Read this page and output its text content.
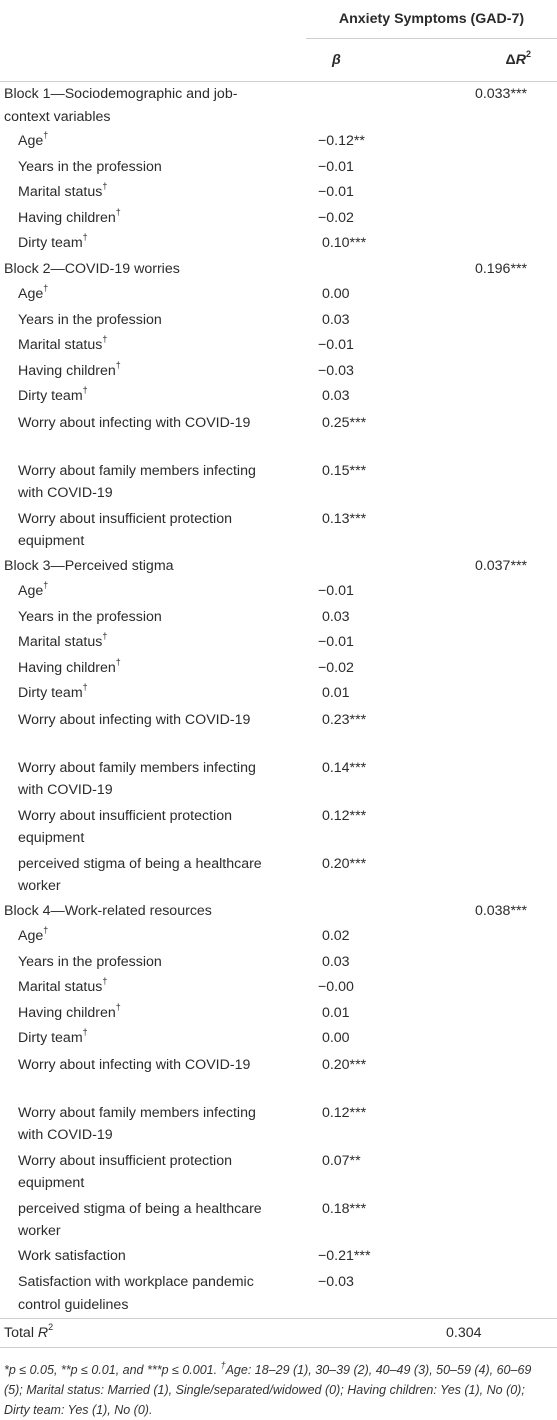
	Anxiety Symptoms (GAD-7)	
	β	$\Delta R^2$
Block 1—Sociodemographic and job-context variables		0.033***
Age†	−0.12**	
Years in the profession	−0.01	
Marital status†	−0.01	
Having children†	−0.02	
Dirty team†	0.10***	
Block 2—COVID-19 worries		0.196***
Age†	0.00	
Years in the profession	0.03	
Marital status†	−0.01	
Having children†	−0.03	
Dirty team†	0.03	
Worry about infecting with COVID-19	0.25***	
Worry about family members infecting with COVID-19	0.15***	
Worry about insufficient protection equipment	0.13***	
Block 3—Perceived stigma		0.037***
Age†	−0.01	
Years in the profession	0.03	
Marital status†	−0.01	
Having children†	−0.02	
Dirty team†	0.01	
Worry about infecting with COVID-19	0.23***	
Worry about family members infecting with COVID-19	0.14***	
Worry about insufficient protection equipment	0.12***	
perceived stigma of being a healthcare worker	0.20***	
Block 4—Work-related resources		0.038***
Age†	0.02	
Years in the profession	0.03	
Marital status†	−0.00	
Having children†	0.01	
Dirty team†	0.00	
Worry about infecting with COVID-19	0.20***	
Worry about family members infecting with COVID-19	0.12***	
Worry about insufficient protection equipment	0.07**	
perceived stigma of being a healthcare worker	0.18***	
Work satisfaction	−0.21***	
Satisfaction with workplace pandemic control guidelines	−0.03	
Total $R^2$		0.304
*p ≤ 0.05, **p ≤ 0.01, and ***p ≤ 0.001. †Age: 18–29 (1), 30–39 (2), 40–49 (3), 50–59 (4), 60–69 (5); Marital status: Married (1), Single/separated/widowed (0); Having children: Yes (1), No (0); Dirty team: Yes (1), No (0).
